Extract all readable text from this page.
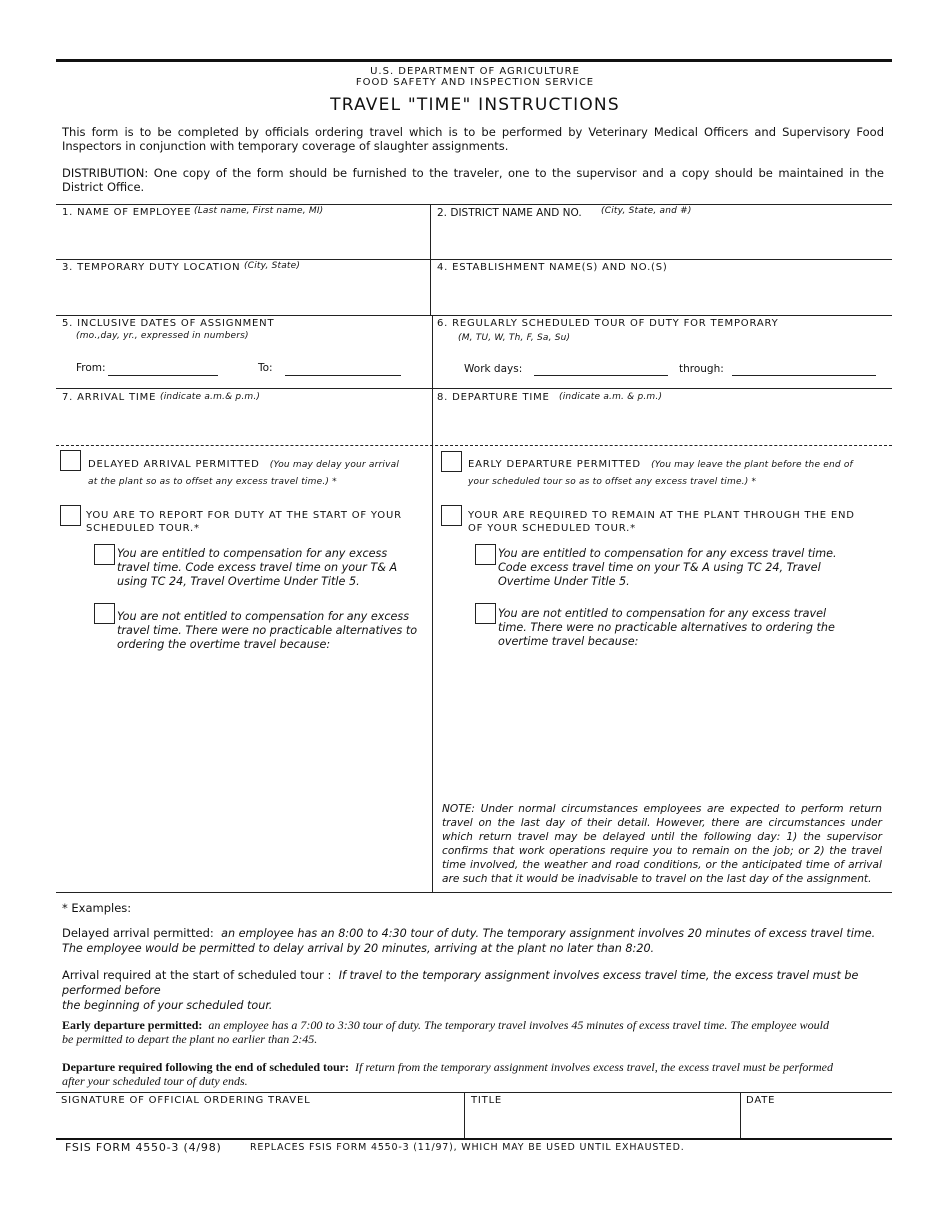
U.S. DEPARTMENT OF AGRICULTURE
FOOD SAFETY AND INSPECTION SERVICE
TRAVEL "TIME" INSTRUCTIONS
This form is to be completed by officials ordering travel which is to be performed by Veterinary Medical Officers and Supervisory Food Inspectors in conjunction with temporary coverage of slaughter assignments.
DISTRIBUTION: One copy of the form should be furnished to the traveler, one to the supervisor and a copy should be maintained in the District Office.
1. NAME OF EMPLOYEE (Last name, First name, MI)	2. DISTRICT NAME AND NO. (City, State, and #)
3. TEMPORARY DUTY LOCATION (City, State)	4. ESTABLISHMENT NAME(S) AND NO.(S)
5. INCLUSIVE DATES OF ASSIGNMENT
(mo.,day, yr., expressed in numbers)
From:	To:
6. REGULARLY SCHEDULED TOUR OF DUTY FOR TEMPORARY
(M, TU, W, Th, F, Sa, Su)
Work days:	through:
7. ARRIVAL TIME (indicate a.m.& p.m.)	8. DEPARTURE TIME (indicate a.m. & p.m.)
DELAYED ARRIVAL PERMITTED (You may delay your arrival at the plant so as to offset any excess travel time.) *
YOU ARE TO REPORT FOR DUTY AT THE START OF YOUR SCHEDULED TOUR.*
You are entitled to compensation for any excess travel time. Code excess travel time on your T& A using TC 24, Travel Overtime Under Title 5.
You are not entitled to compensation for any excess travel time. There were no practicable alternatives to ordering the overtime travel because:
EARLY DEPARTURE PERMITTED (You may leave the plant before the end of your scheduled tour so as to offset any excess travel time.) *
YOUR ARE REQUIRED TO REMAIN AT THE PLANT THROUGH THE END OF YOUR SCHEDULED TOUR.*
You are entitled to compensation for any excess travel time. Code excess travel time on your T& A using TC 24, Travel Overtime Under Title 5.
You are not entitled to compensation for any excess travel time. There were no practicable alternatives to ordering the overtime travel because:
NOTE: Under normal circumstances employees are expected to perform return travel on the last day of their detail. However, there are circumstances under which return travel may be delayed until the following day: 1) the supervisor confirms that work operations require you to remain on the job; or 2) the travel time involved, the weather and road conditions, or the anticipated time of arrival are such that it would be inadvisable to travel on the last day of the assignment.
* Examples:
Delayed arrival permitted: an employee has an 8:00 to 4:30 tour of duty. The temporary assignment involves 20 minutes of excess travel time.
The employee would be permitted to delay arrival by 20 minutes, arriving at the plant no later than 8:20.
Arrival required at the start of scheduled tour : If travel to the temporary assignment involves excess travel time, the excess travel must be performed before
the beginning of your scheduled tour.
Early departure permitted: an employee has a 7:00 to 3:30 tour of duty. The temporary travel involves 45 minutes of excess travel time. The employee would
be permitted to depart the plant no earlier than 2:45.
Departure required following the end of scheduled tour: If return from the temporary assignment involves excess travel, the excess travel must be performed
after your scheduled tour of duty ends.
SIGNATURE OF OFFICIAL ORDERING TRAVEL	TITLE	DATE
FSIS FORM 4550-3 (4/98)	REPLACES FSIS FORM 4550-3 (11/97), WHICH MAY BE USED UNTIL EXHAUSTED.
